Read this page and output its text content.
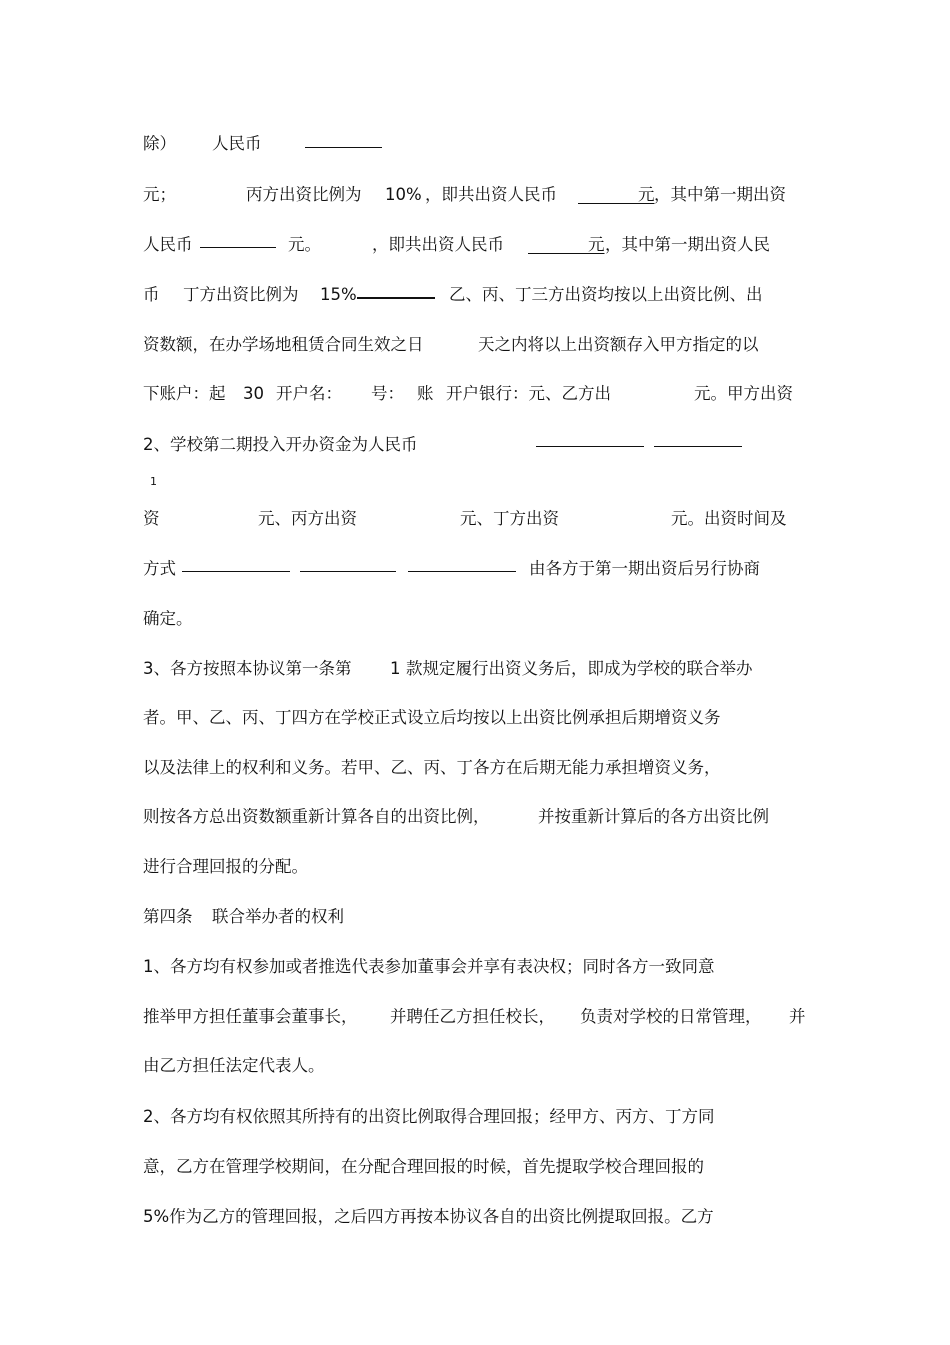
除） 人民币
元；	丙方出资比例为 10% ，即共出资人民币	元 ，其中第一期出资
人民币	元。	，即共出资人民币	元 ，其中第一期出资人民
币 丁方出资比例为 15%	乙、丙、丁三方出资均按以上出资比例、出
资数额，在办学场地租赁合同生效之日	天之内将以上出资额存入甲方指定的以
下账户：起 30 开户名： 号： 账 开户银行：元、乙方出	元。甲方出资
2、学校第二期投入开办资金为人民币
1
资	元、丙方出资	元、丁方出资	元。出资时间及
方式	由各方于第一期出资后另行协商
确定。
3、各方按照本协议第一条第 1 款规定履行出资义务后，即成为学校的联合举办
者。甲、乙、丙、丁四方在学校正式设立后均按以上出资比例承担后期增资义务
以及法律上的权利和义务。若甲、乙、丙、丁各方在后期无能力承担增资义务，
则按各方总出资数额重新计算各自的出资比例，	并按重新计算后的各方出资比例
进行合理回报的分配。
第四条 联合举办者的权利
1、各方均有权参加或者推选代表参加董事会并享有表决权；同时各方一致同意
推举甲方担任董事会董事长， 并聘任乙方担任校长， 负责对学校的日常管理， 并
由乙方担任法定代表人。
2、各方均有权依照其所持有的出资比例取得合理回报；经甲方、丙方、丁方同
意，乙方在管理学校期间，在分配合理回报的时候，首先提取学校合理回报的
5%作为乙方的管理回报，之后四方再按本协议各自的出资比例提取回报。乙方
